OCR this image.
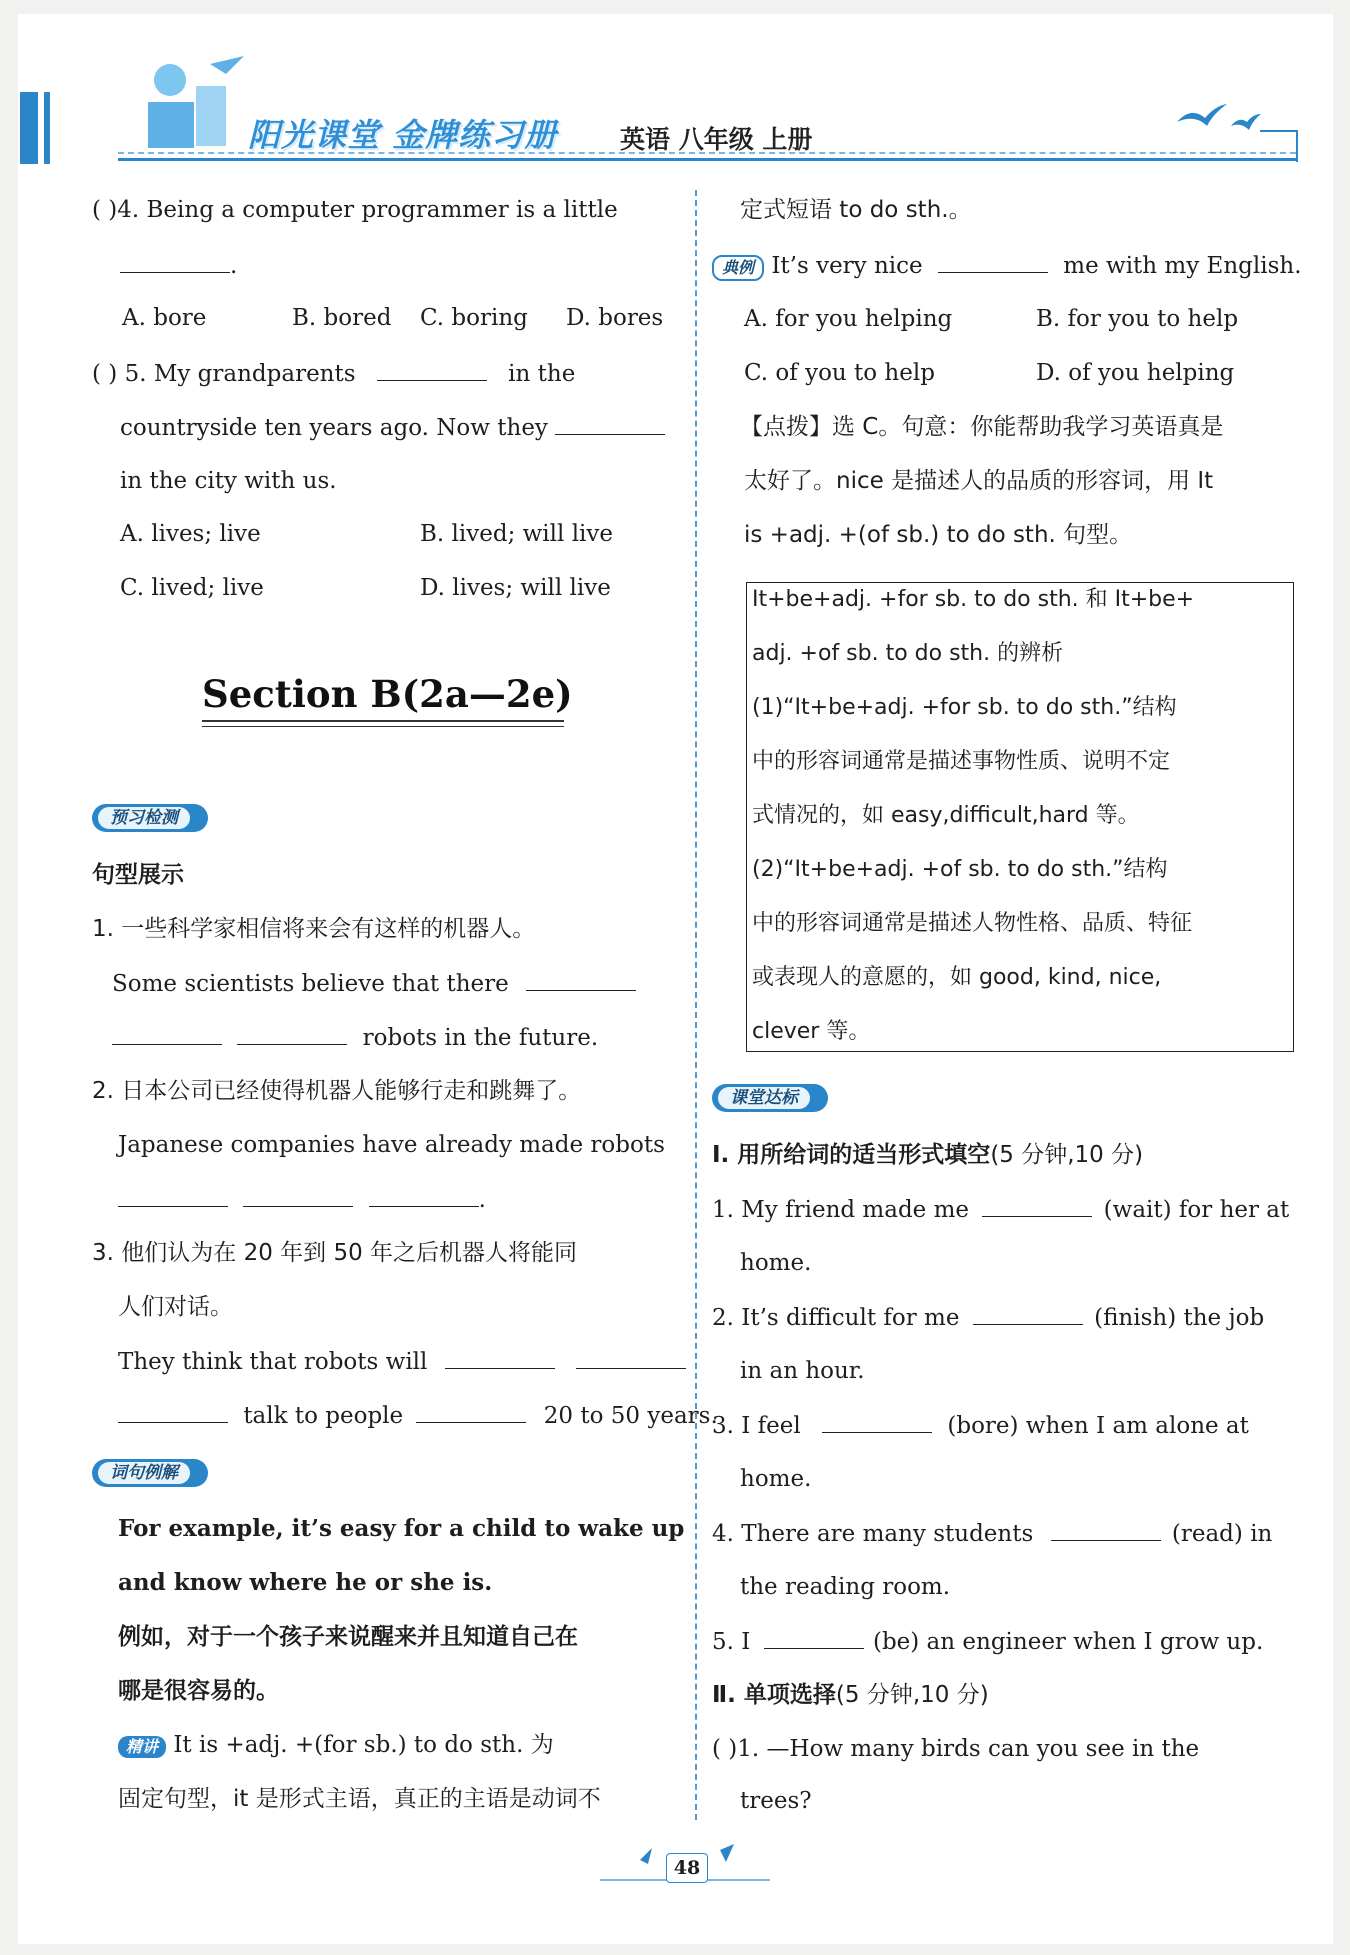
阳光课堂 金牌练习册	英语 八年级 上册
( )4. Being a computer programmer is a little
.
A. bore	B. bored C. boring D. bores
( ) 5. My grandparents	in the
countryside ten years ago. Now they
in the city with us.
A. lives; live	B. lived; will live
C. lived; live	D. lives; will live
Section B(2a—2e)
预习检测
句型展示
1. 一些科学家相信将来会有这样的机器人。
Some scientists believe that there
robots in the future.
2. 日本公司已经使得机器人能够行走和跳舞了。
Japanese companies have already made robots
.
3. 他们认为在 20 年到 50 年之后机器人将能同
人们对话。
They think that robots will
talk to people	20 to 50 years.
词句例解
For example, it’s easy for a child to wake up
and know where he or she is.
例如，对于一个孩子来说醒来并且知道自己在
哪是很容易的。
精讲 It is +adj. +(for sb.) to do sth. 为
固定句型，it 是形式主语，真正的主语是动词不
定式短语 to do sth.。
典例 It’s very nice	me with my English.
A. for you helping	B. for you to help
C. of you to help	D. of you helping
【点拨】选 C。句意：你能帮助我学习英语真是
太好了。nice 是描述人的品质的形容词，用 It
is +adj. +(of sb.) to do sth. 句型。
It+be+adj. +for sb. to do sth. 和 It+be+
adj. +of sb. to do sth. 的辨析
(1)“It+be+adj. +for sb. to do sth.”结构
中的形容词通常是描述事物性质、说明不定
式情况的，如 easy,difficult,hard 等。
(2)“It+be+adj. +of sb. to do sth.”结构
中的形容词通常是描述人物性格、品质、特征
或表现人的意愿的，如 good, kind, nice,
clever 等。
课堂达标
Ⅰ. 用所给词的适当形式填空(5 分钟,10 分)
1. My friend made me	(wait) for her at
home.
2. It’s difficult for me	(finish) the job
in an hour.
3. I feel	(bore) when I am alone at
home.
4. There are many students	(read) in
the reading room.
5. I	(be) an engineer when I grow up.
Ⅱ. 单项选择(5 分钟,10 分)
( )1. —How many birds can you see in the
trees?
48
